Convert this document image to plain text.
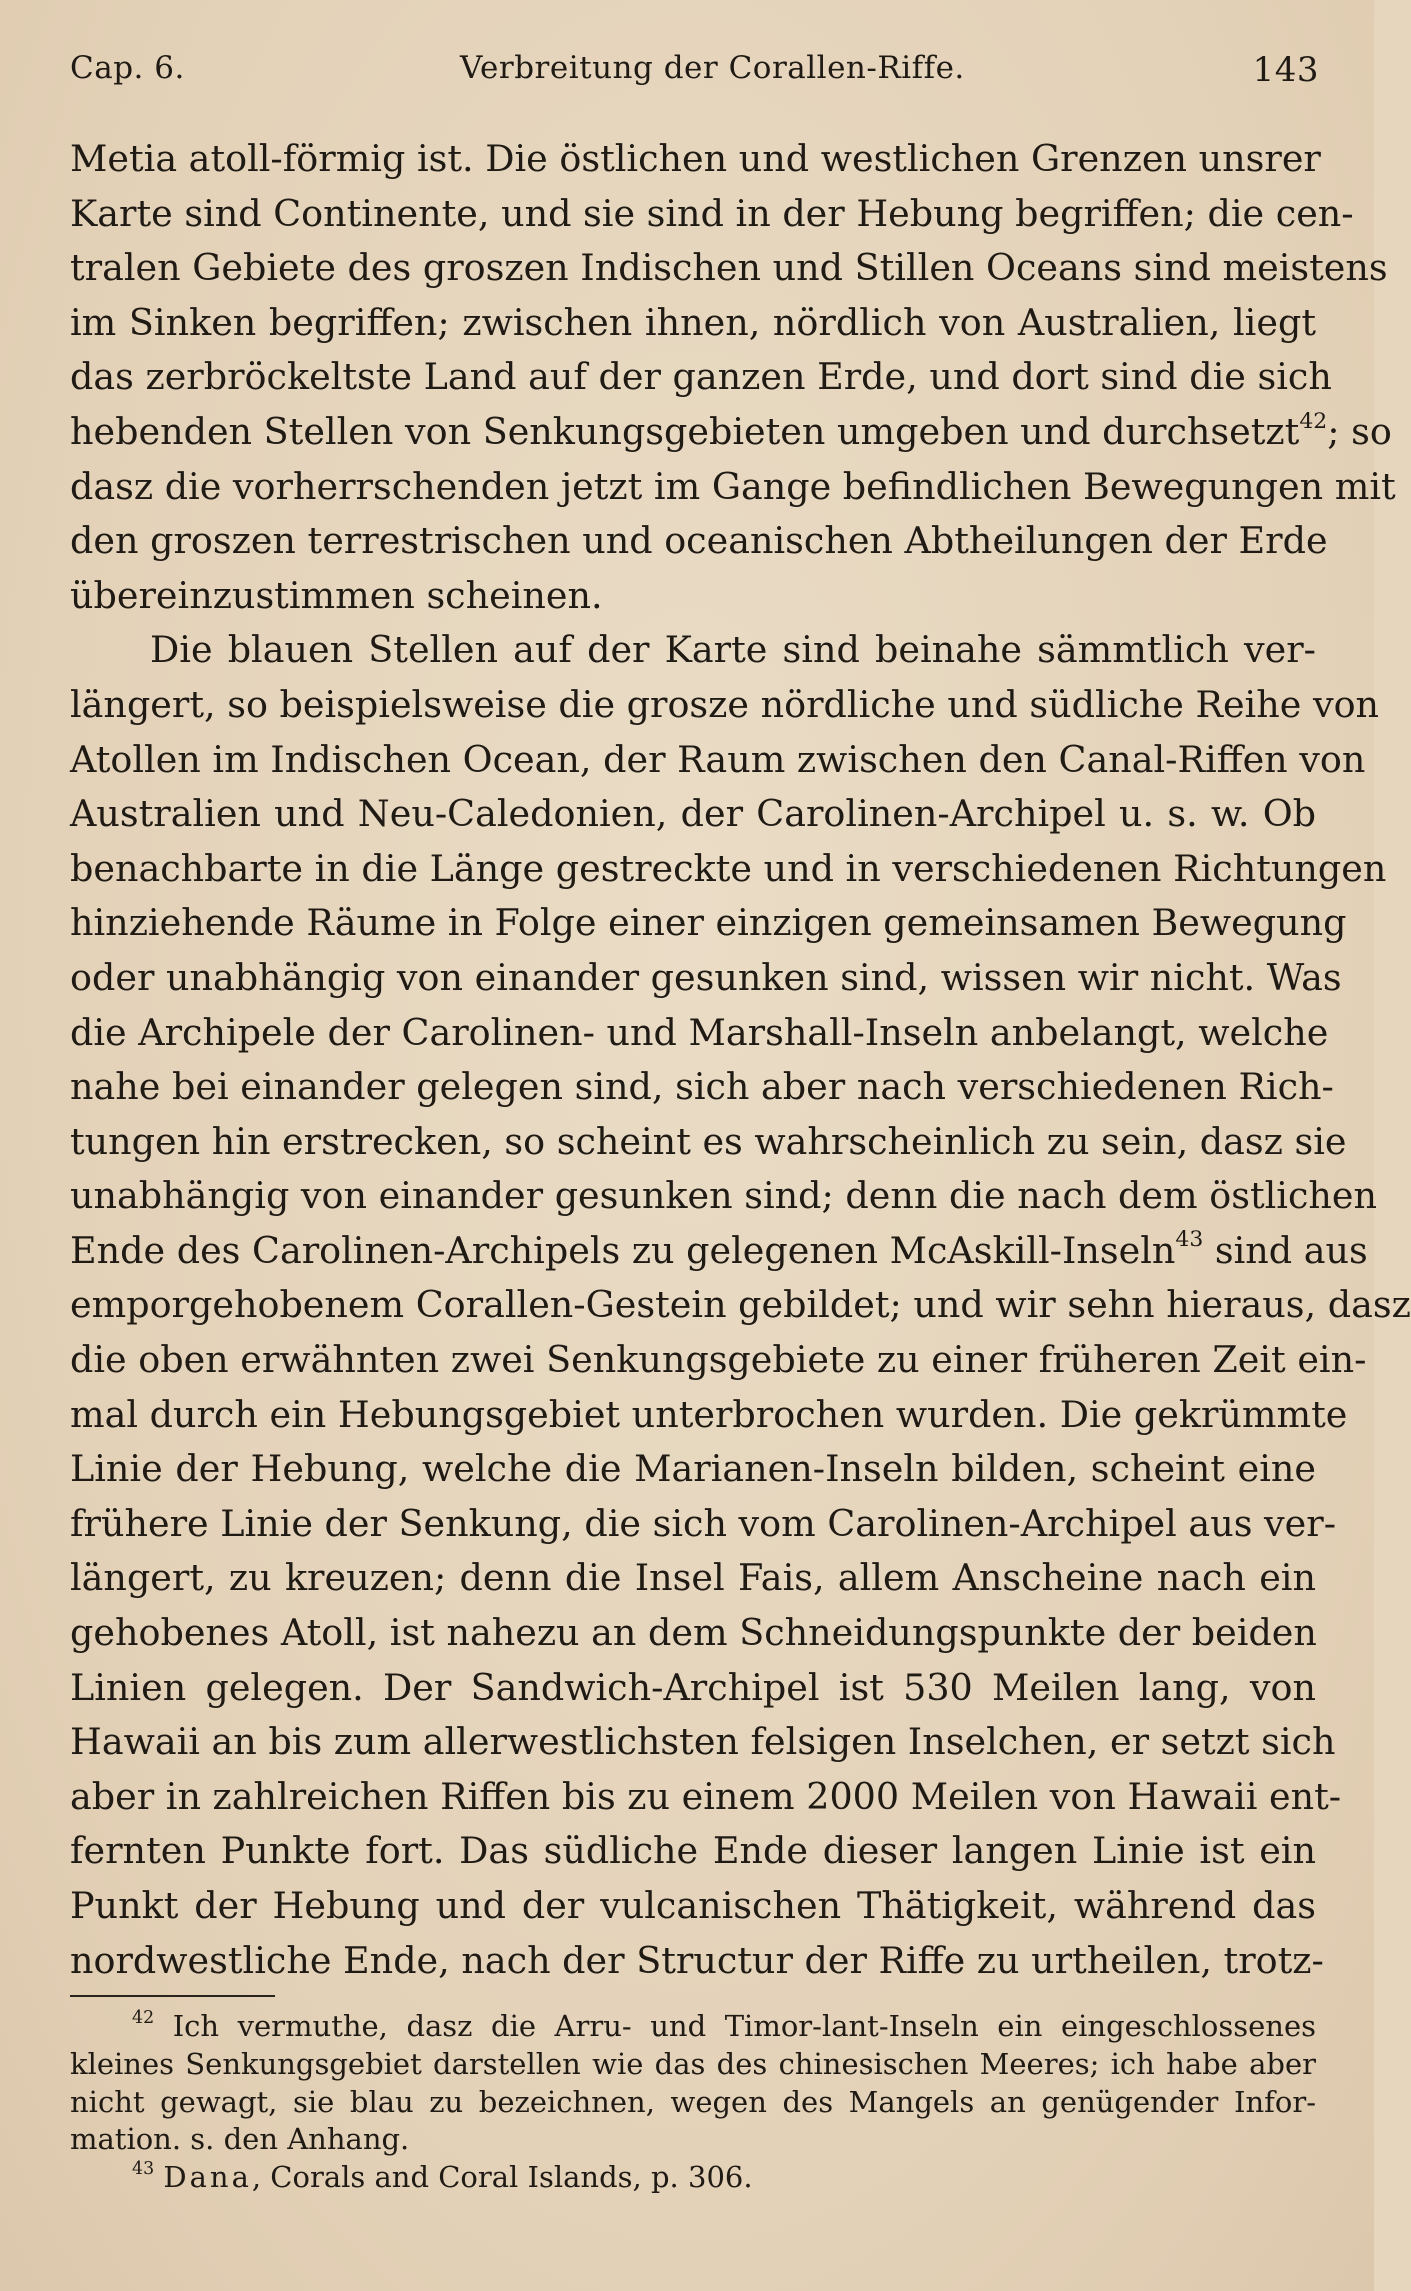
Cap. 6.	Verbreitung der Corallen-Riffe.	143
Metia atoll-förmig ist. Die östlichen und westlichen Grenzen unsrer
Karte sind Continente, und sie sind in der Hebung begriffen; die cen-
tralen Gebiete des groszen Indischen und Stillen Oceans sind meistens
im Sinken begriffen; zwischen ihnen, nördlich von Australien, liegt
das zerbröckeltste Land auf der ganzen Erde, und dort sind die sich
hebenden Stellen von Senkungsgebieten umgeben und durchsetzt$^{42}$; so
dasz die vorherrschenden jetzt im Gange befindlichen Bewegungen mit
den groszen terrestrischen und oceanischen Abtheilungen der Erde
übereinzustimmen scheinen.
Die blauen Stellen auf der Karte sind beinahe sämmtlich ver-
längert, so beispielsweise die grosze nördliche und südliche Reihe von
Atollen im Indischen Ocean, der Raum zwischen den Canal-Riffen von
Australien und Neu-Caledonien, der Carolinen-Archipel u. s. w. Ob
benachbarte in die Länge gestreckte und in verschiedenen Richtungen
hinziehende Räume in Folge einer einzigen gemeinsamen Bewegung
oder unabhängig von einander gesunken sind, wissen wir nicht. Was
die Archipele der Carolinen- und Marshall-Inseln anbelangt, welche
nahe bei einander gelegen sind, sich aber nach verschiedenen Rich-
tungen hin erstrecken, so scheint es wahrscheinlich zu sein, dasz sie
unabhängig von einander gesunken sind; denn die nach dem östlichen
Ende des Carolinen-Archipels zu gelegenen McAskill-Inseln$^{43}$ sind aus
emporgehobenem Corallen-Gestein gebildet; und wir sehn hieraus, dasz
die oben erwähnten zwei Senkungsgebiete zu einer früheren Zeit ein-
mal durch ein Hebungsgebiet unterbrochen wurden. Die gekrümmte
Linie der Hebung, welche die Marianen-Inseln bilden, scheint eine
frühere Linie der Senkung, die sich vom Carolinen-Archipel aus ver-
längert, zu kreuzen; denn die Insel Fais, allem Anscheine nach ein
gehobenes Atoll, ist nahezu an dem Schneidungspunkte der beiden
Linien gelegen. Der Sandwich-Archipel ist 530 Meilen lang, von
Hawaii an bis zum allerwestlichsten felsigen Inselchen, er setzt sich
aber in zahlreichen Riffen bis zu einem 2000 Meilen von Hawaii ent-
fernten Punkte fort. Das südliche Ende dieser langen Linie ist ein
Punkt der Hebung und der vulcanischen Thätigkeit, während das
nordwestliche Ende, nach der Structur der Riffe zu urtheilen, trotz-
$^{42}$ Ich vermuthe, dasz die Arru- und Timor-lant-Inseln ein eingeschlossenes
kleines Senkungsgebiet darstellen wie das des chinesischen Meeres; ich habe aber
nicht gewagt, sie blau zu bezeichnen, wegen des Mangels an genügender Infor-
mation. s. den Anhang.
$^{43}$ Dana, Corals and Coral Islands, p. 306.
